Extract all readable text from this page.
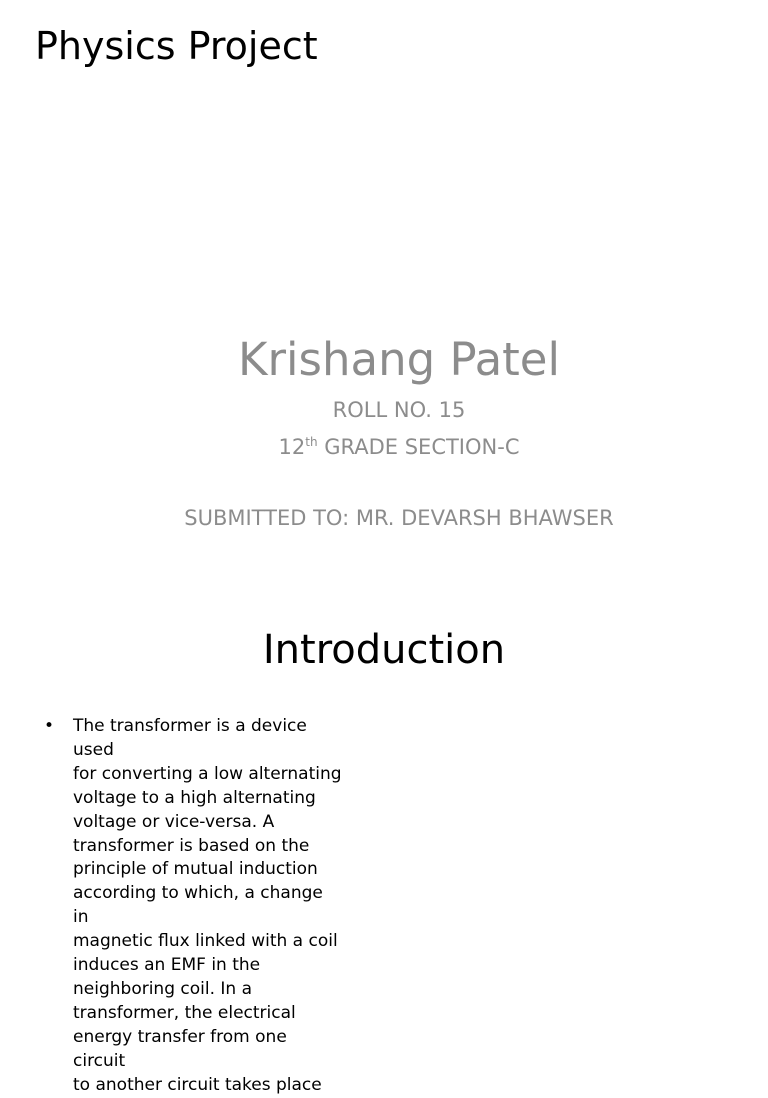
Physics Project
Krishang Patel
ROLL NO. 15
12th GRADE SECTION-C
SUBMITTED TO: MR. DEVARSH BHAWSER
Introduction
• The transformer is a device used
for converting a low alternating
voltage to a high alternating
voltage or vice-versa. A
transformer is based on the
principle of mutual induction
according to which, a change in
magnetic flux linked with a coil
induces an EMF in the
neighboring coil. In a
transformer, the electrical
energy transfer from one circuit
to another circuit takes place
